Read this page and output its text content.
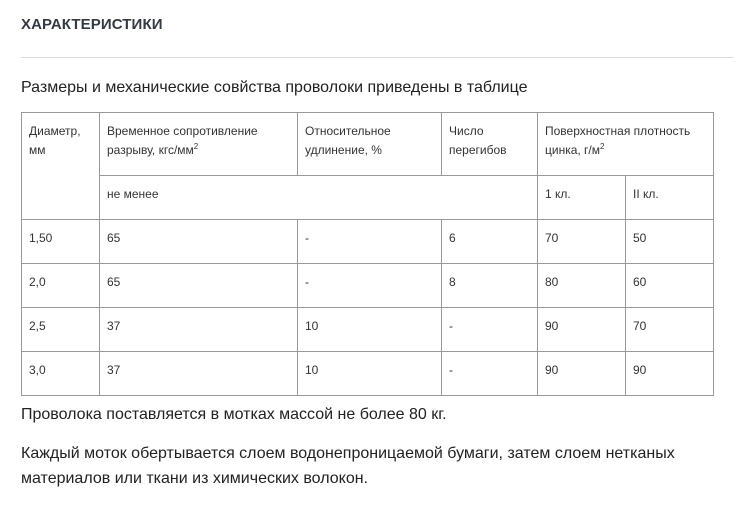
ХАРАКТЕРИСТИКИ
Размеры и механические совйства проволоки приведены в таблице
Диаметр, мм	Временное сопротивление разрыву, кгс/$мм^2$	Относительное удлинение, %	Число перегибов	Поверхностная плотность цинка, $г/м^2$
	не менее			1 кл.	II кл.
1,50	65	-	6	70	50
2,0	65	-	8	80	60
2,5	37	10	-	90	70
3,0	37	10	-	90	90
Проволока поставляется в мотках массой не более 80 кг.
Каждый моток обертывается слоем водонепроницаемой бумаги, затем слоем нетканых материалов или ткани из химических волокон.
